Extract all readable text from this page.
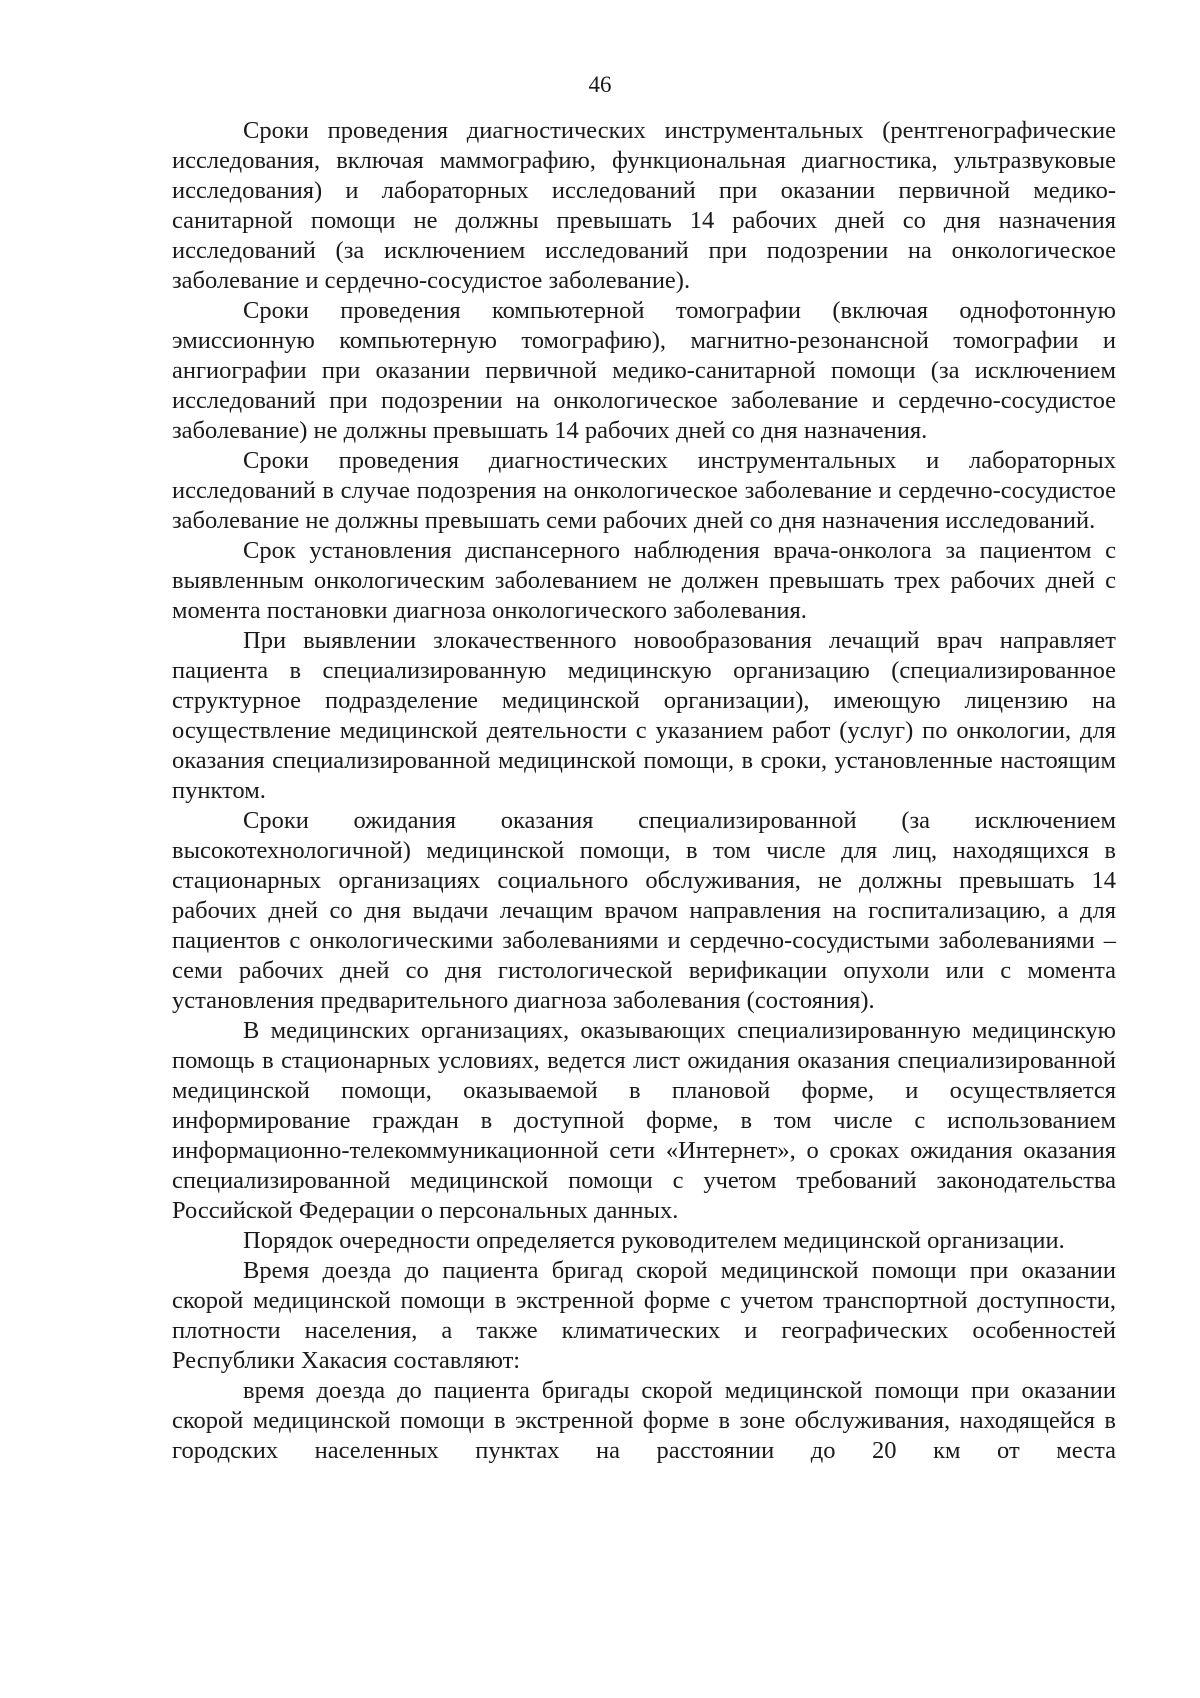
46

Сроки проведения диагностических инструментальных (рентгенографические исследования, включая маммографию, функциональная диагностика, ультразвуковые исследования) и лабораторных исследований при оказании первичной медико-санитарной помощи не должны превышать 14 рабочих дней со дня назначения исследований (за исключением исследований при подозрении на онкологическое заболевание и сердечно-сосудистое заболевание).

Сроки проведения компьютерной томографии (включая однофотонную эмиссионную компьютерную томографию), магнитно-резонансной томографии и ангиографии при оказании первичной медико-санитарной помощи (за исключением исследований при подозрении на онкологическое заболевание и сердечно-сосудистое заболевание) не должны превышать 14 рабочих дней со дня назначения.

Сроки проведения диагностических инструментальных и лабораторных исследований в случае подозрения на онкологическое заболевание и сердечно-сосудистое заболевание не должны превышать семи рабочих дней со дня назначения исследований.

Срок установления диспансерного наблюдения врача-онколога за пациентом с выявленным онкологическим заболеванием не должен превышать трех рабочих дней с момента постановки диагноза онкологического заболевания.

При выявлении злокачественного новообразования лечащий врач направляет пациента в специализированную медицинскую организацию (специализированное структурное подразделение медицинской организации), имеющую лицензию на осуществление медицинской деятельности с указанием работ (услуг) по онкологии, для оказания специализированной медицинской помощи, в сроки, установленные настоящим пунктом.

Сроки ожидания оказания специализированной (за исключением высокотехнологичной) медицинской помощи, в том числе для лиц, находящихся в стационарных организациях социального обслуживания, не должны превышать 14 рабочих дней со дня выдачи лечащим врачом направления на госпитализацию, а для пациентов с онкологическими заболеваниями и сердечно-сосудистыми заболеваниями – семи рабочих дней со дня гистологической верификации опухоли или с момента установления предварительного диагноза заболевания (состояния).

В медицинских организациях, оказывающих специализированную медицинскую помощь в стационарных условиях, ведется лист ожидания оказания специализированной медицинской помощи, оказываемой в плановой форме, и осуществляется информирование граждан в доступной форме, в том числе с использованием информационно-телекоммуникационной сети «Интернет», о сроках ожидания оказания специализированной медицинской помощи с учетом требований законодательства Российской Федерации о персональных данных.

Порядок очередности определяется руководителем медицинской организации.

Время доезда до пациента бригад скорой медицинской помощи при оказании скорой медицинской помощи в экстренной форме с учетом транспортной доступности, плотности населения, а также климатических и географических особенностей Республики Хакасия составляют:

время доезда до пациента бригады скорой медицинской помощи при оказании скорой медицинской помощи в экстренной форме в зоне обслуживания, находящейся в городских населенных пунктах на расстоянии до 20 км от места
